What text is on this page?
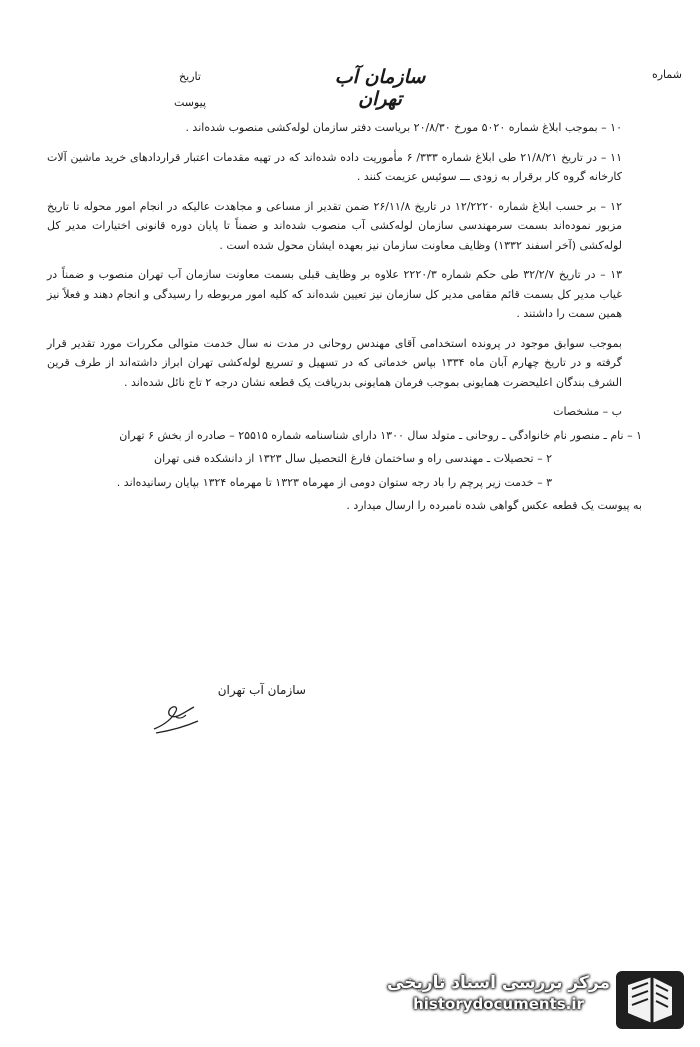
تاریخ
پیوست
سازمان آب تهران
شماره

۱۰ – بموجب ابلاغ شماره ۵۰۲۰ مورخ ۲۰/۸/۳۰ بریاست دفتر سازمان لوله‌کشی منصوب شده‌اند .

۱۱ – در تاریخ ۲۱/۸/۲۱ طی ابلاغ شماره ۳۳۳/ ۶ مأموریت داده شده‌اند که در تهیه مقدمات اعتبار قراردادهای خرید ماشین آلات کارخانه گروه کار برقرار به زودی ـــ سوئیس عزیمت کنند .

۱۲ – بر حسب ابلاغ شماره ۱۲/۲۲۲۰ در تاریخ ۲۶/۱۱/۸ ضمن تقدیر از مساعی و مجاهدت عالیکه در انجام امور محوله تا تاریخ مزبور نموده‌اند بسمت سرمهندسی سازمان لوله‌کشی آب منصوب شده‌اند و ضمناً تا پایان دوره قانونی اختیارات مدیر کل لوله‌کشی (آخر اسفند ۱۳۳۲) وظایف معاونت سازمان نیز بعهده ایشان محول شده است .

۱۳ – در تاریخ ۳۲/۲/۷ طی حکم شماره ۲۲۲۰/۳ علاوه بر وظایف قبلی بسمت معاونت سازمان آب تهران منصوب و ضمناً در غیاب مدیر کل بسمت قائم مقامی مدیر کل سازمان نیز تعیین شده‌اند که کلیه امور مربوطه را رسیدگی و انجام دهند و فعلاً نیز همین سمت را داشتند .

بموجب سوابق موجود در پرونده استخدامی آقای مهندس روحانی در مدت نه سال خدمت متوالی مکررات مورد تقدیر قرار گرفته و در تاریخ چهارم آبان ماه ۱۳۳۴ بپاس خدماتی که در تسهیل و تسریع لوله‌کشی تهران ابراز داشته‌اند از طرف قرین الشرف بندگان اعلیحضرت همایونی بموجب فرمان همایونی بدریافت یک قطعه نشان درجه ۲ تاج نائل شده‌اند .

ب – مشخصات

۱ – نام ـ منصور نام خانوادگی ـ روحانی ـ متولد سال ۱۳۰۰ دارای شناسنامه شماره ۲۵۵۱۵ – صادره از بخش ۶ تهران

۲ – تحصیلات ـ مهندسی راه و ساختمان فارغ التحصیل سال ۱۳۲۳ از دانشکده فنی تهران

۳ – خدمت زیر پرچم را باد رجه ستوان دومی از مهرماه ۱۳۲۳ تا مهرماه ۱۳۲۴ بپایان رسانیده‌اند .

به پیوست یک قطعه عکس گواهی شده نامبرده را ارسال میدارد .

سازمان آب تهران
مرکز بررسی اسناد تاریخی
historydocuments.ir
